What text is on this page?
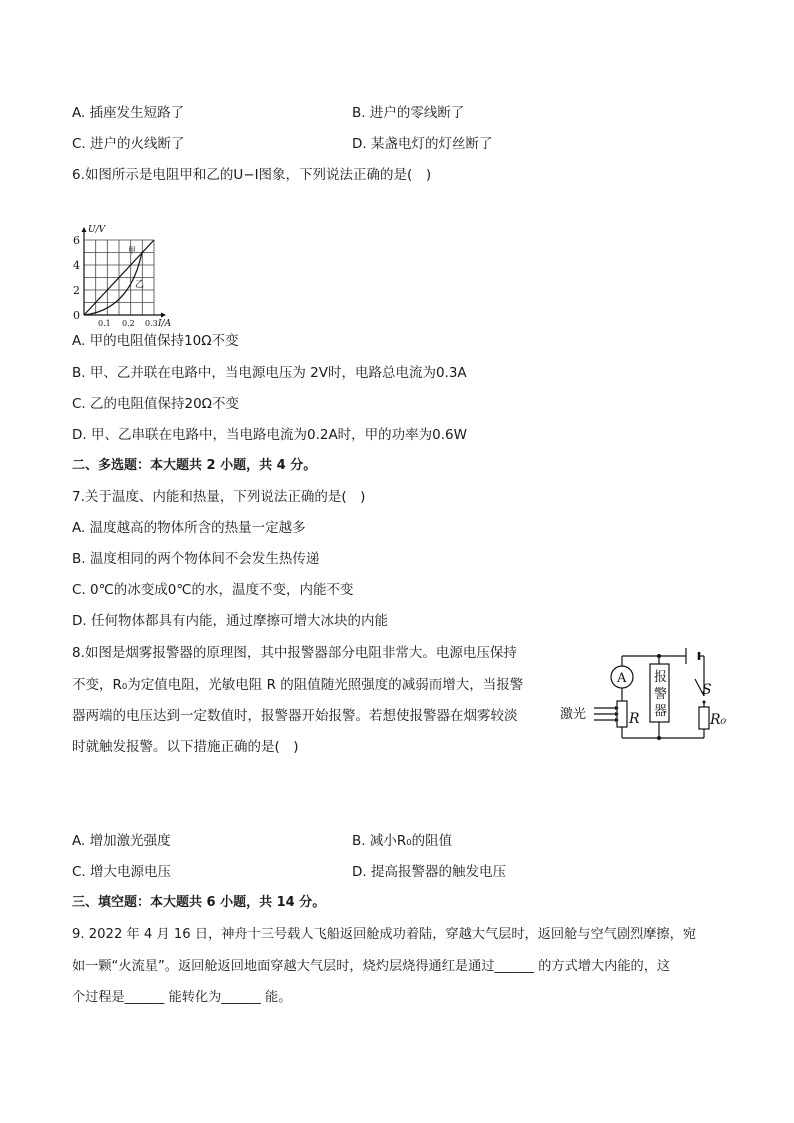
A. 插座发生短路了	B. 进户的零线断了
C. 进户的火线断了	D. 某盏电灯的灯丝断了
6.如图所示是电阻甲和乙的U−I图象，下列说法正确的是(　)
U/V
I/A
6
4
2
0
0.1 0.2 0.3
甲
乙
A. 甲的电阻值保持10Ω不变
B. 甲、乙并联在电路中，当电源电压为 2V时，电路总电流为0.3A
C. 乙的电阻值保持20Ω不变
D. 甲、乙串联在电路中，当电路电流为0.2A时，甲的功率为0.6W
二、多选题：本大题共 2 小题，共 4 分。
7.关于温度、内能和热量，下列说法正确的是(　)
A. 温度越高的物体所含的热量一定越多
B. 温度相同的两个物体间不会发生热传递
C. 0℃的冰变成0℃的水，温度不变，内能不变
D. 任何物体都具有内能，通过摩擦可增大冰块的内能
8.如图是烟雾报警器的原理图，其中报警器部分电阻非常大。电源电压保持
不变，R₀为定值电阻，光敏电阻 R 的阻值随光照强度的减弱而增大，当报警
器两端的电压达到一定数值时，报警器开始报警。若想使报警器在烟雾较淡
时就触发报警。以下措施正确的是(　)
A 报
警
器
S
激光	R	R₀
A. 增加激光强度	B. 减小R₀的阻值
C. 增大电源电压	D. 提高报警器的触发电压
三、填空题：本大题共 6 小题，共 14 分。
9. 2022 年 4 月 16 日，神舟十三号载人飞船返回舱成功着陆，穿越大气层时，返回舱与空气剧烈摩擦，宛
如一颗“火流星”。返回舱返回地面穿越大气层时，烧灼层烧得通红是通过______ 的方式增大内能的，这
个过程是______ 能转化为______ 能。
